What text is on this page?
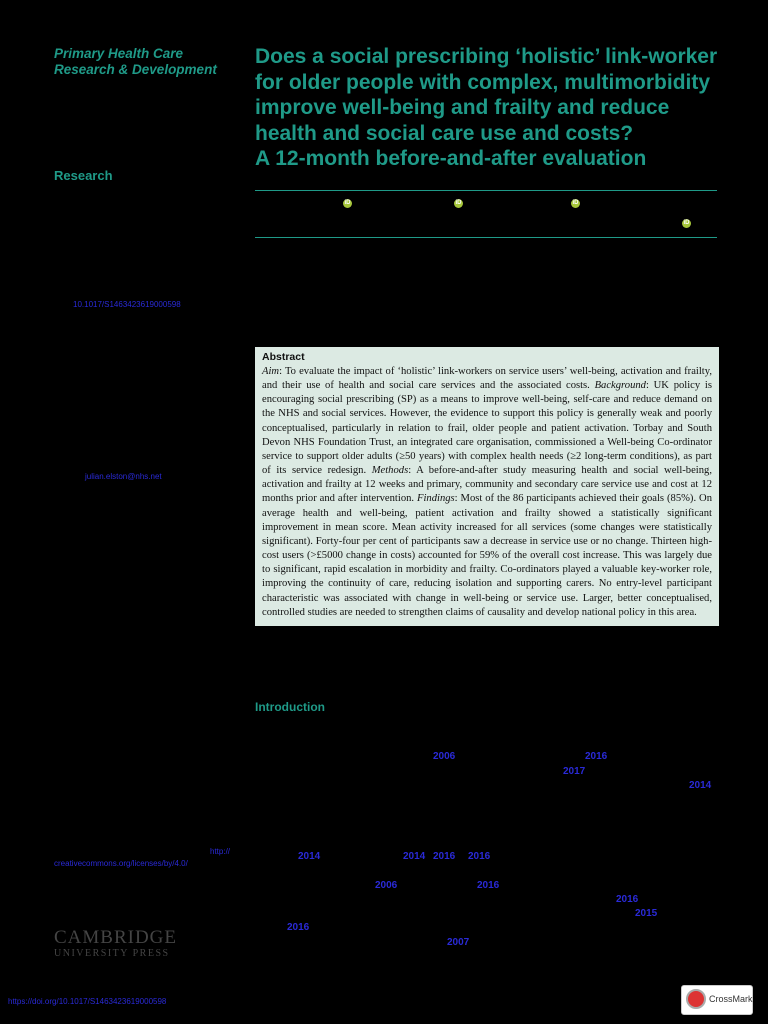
Primary Health Care
Research & Development
Research
10.1017/S1463423619000598
julian.elston@nhs.net
Does a social prescribing ‘holistic’ link-worker
for older people with complex, multimorbidity
improve well-being and frailty and reduce
health and social care use and costs?
A 12-month before-and-after evaluation
iD	iD	iD
iD
Abstract

Aim: To evaluate the impact of ‘holistic’ link-workers on service users’ well-being, activation and frailty, and their use of health and social care services and the associated costs. Background: UK policy is encouraging social prescribing (SP) as a means to improve well-being, self-care and reduce demand on the NHS and social services. However, the evidence to support this policy is generally weak and poorly conceptualised, particularly in relation to frail, older people and patient activation. Torbay and South Devon NHS Foundation Trust, an integrated care organisation, commissioned a Well-being Co-ordinator service to support older adults (≥50 years) with complex health needs (≥2 long-term conditions), as part of its service redesign. Methods: A before-and-after study measuring health and social well-being, activation and frailty at 12 weeks and primary, community and secondary care service use and cost at 12 months prior and after intervention. Findings: Most of the 86 participants achieved their goals (85%). On average health and well-being, patient activation and frailty showed a statistically significant improvement in mean score. Mean activity increased for all services (some changes were statistically significant). Forty-four per cent of participants saw a decrease in service use or no change. Thirteen high-cost users (>£5000 change in costs) accounted for 59% of the overall cost increase. This was largely due to significant, rapid escalation in morbidity and frailty. Co-ordinators played a valuable key-worker role, improving the continuity of care, reducing isolation and supporting carers. No entry-level participant characteristic was associated with change in well-being or service use. Larger, better conceptualised, controlled studies are needed to strengthen claims of causality and develop national policy in this area.

Introduction
2006	2016
2017
2014
2014	2014 2016 2016
2006	2016
2016
2015
2016
2007
http://
creativecommons.org/licenses/by/4.0/
CAMBRIDGE
UNIVERSITY PRESS
https://doi.org/10.1017/S1463423619000598	CrossMark
